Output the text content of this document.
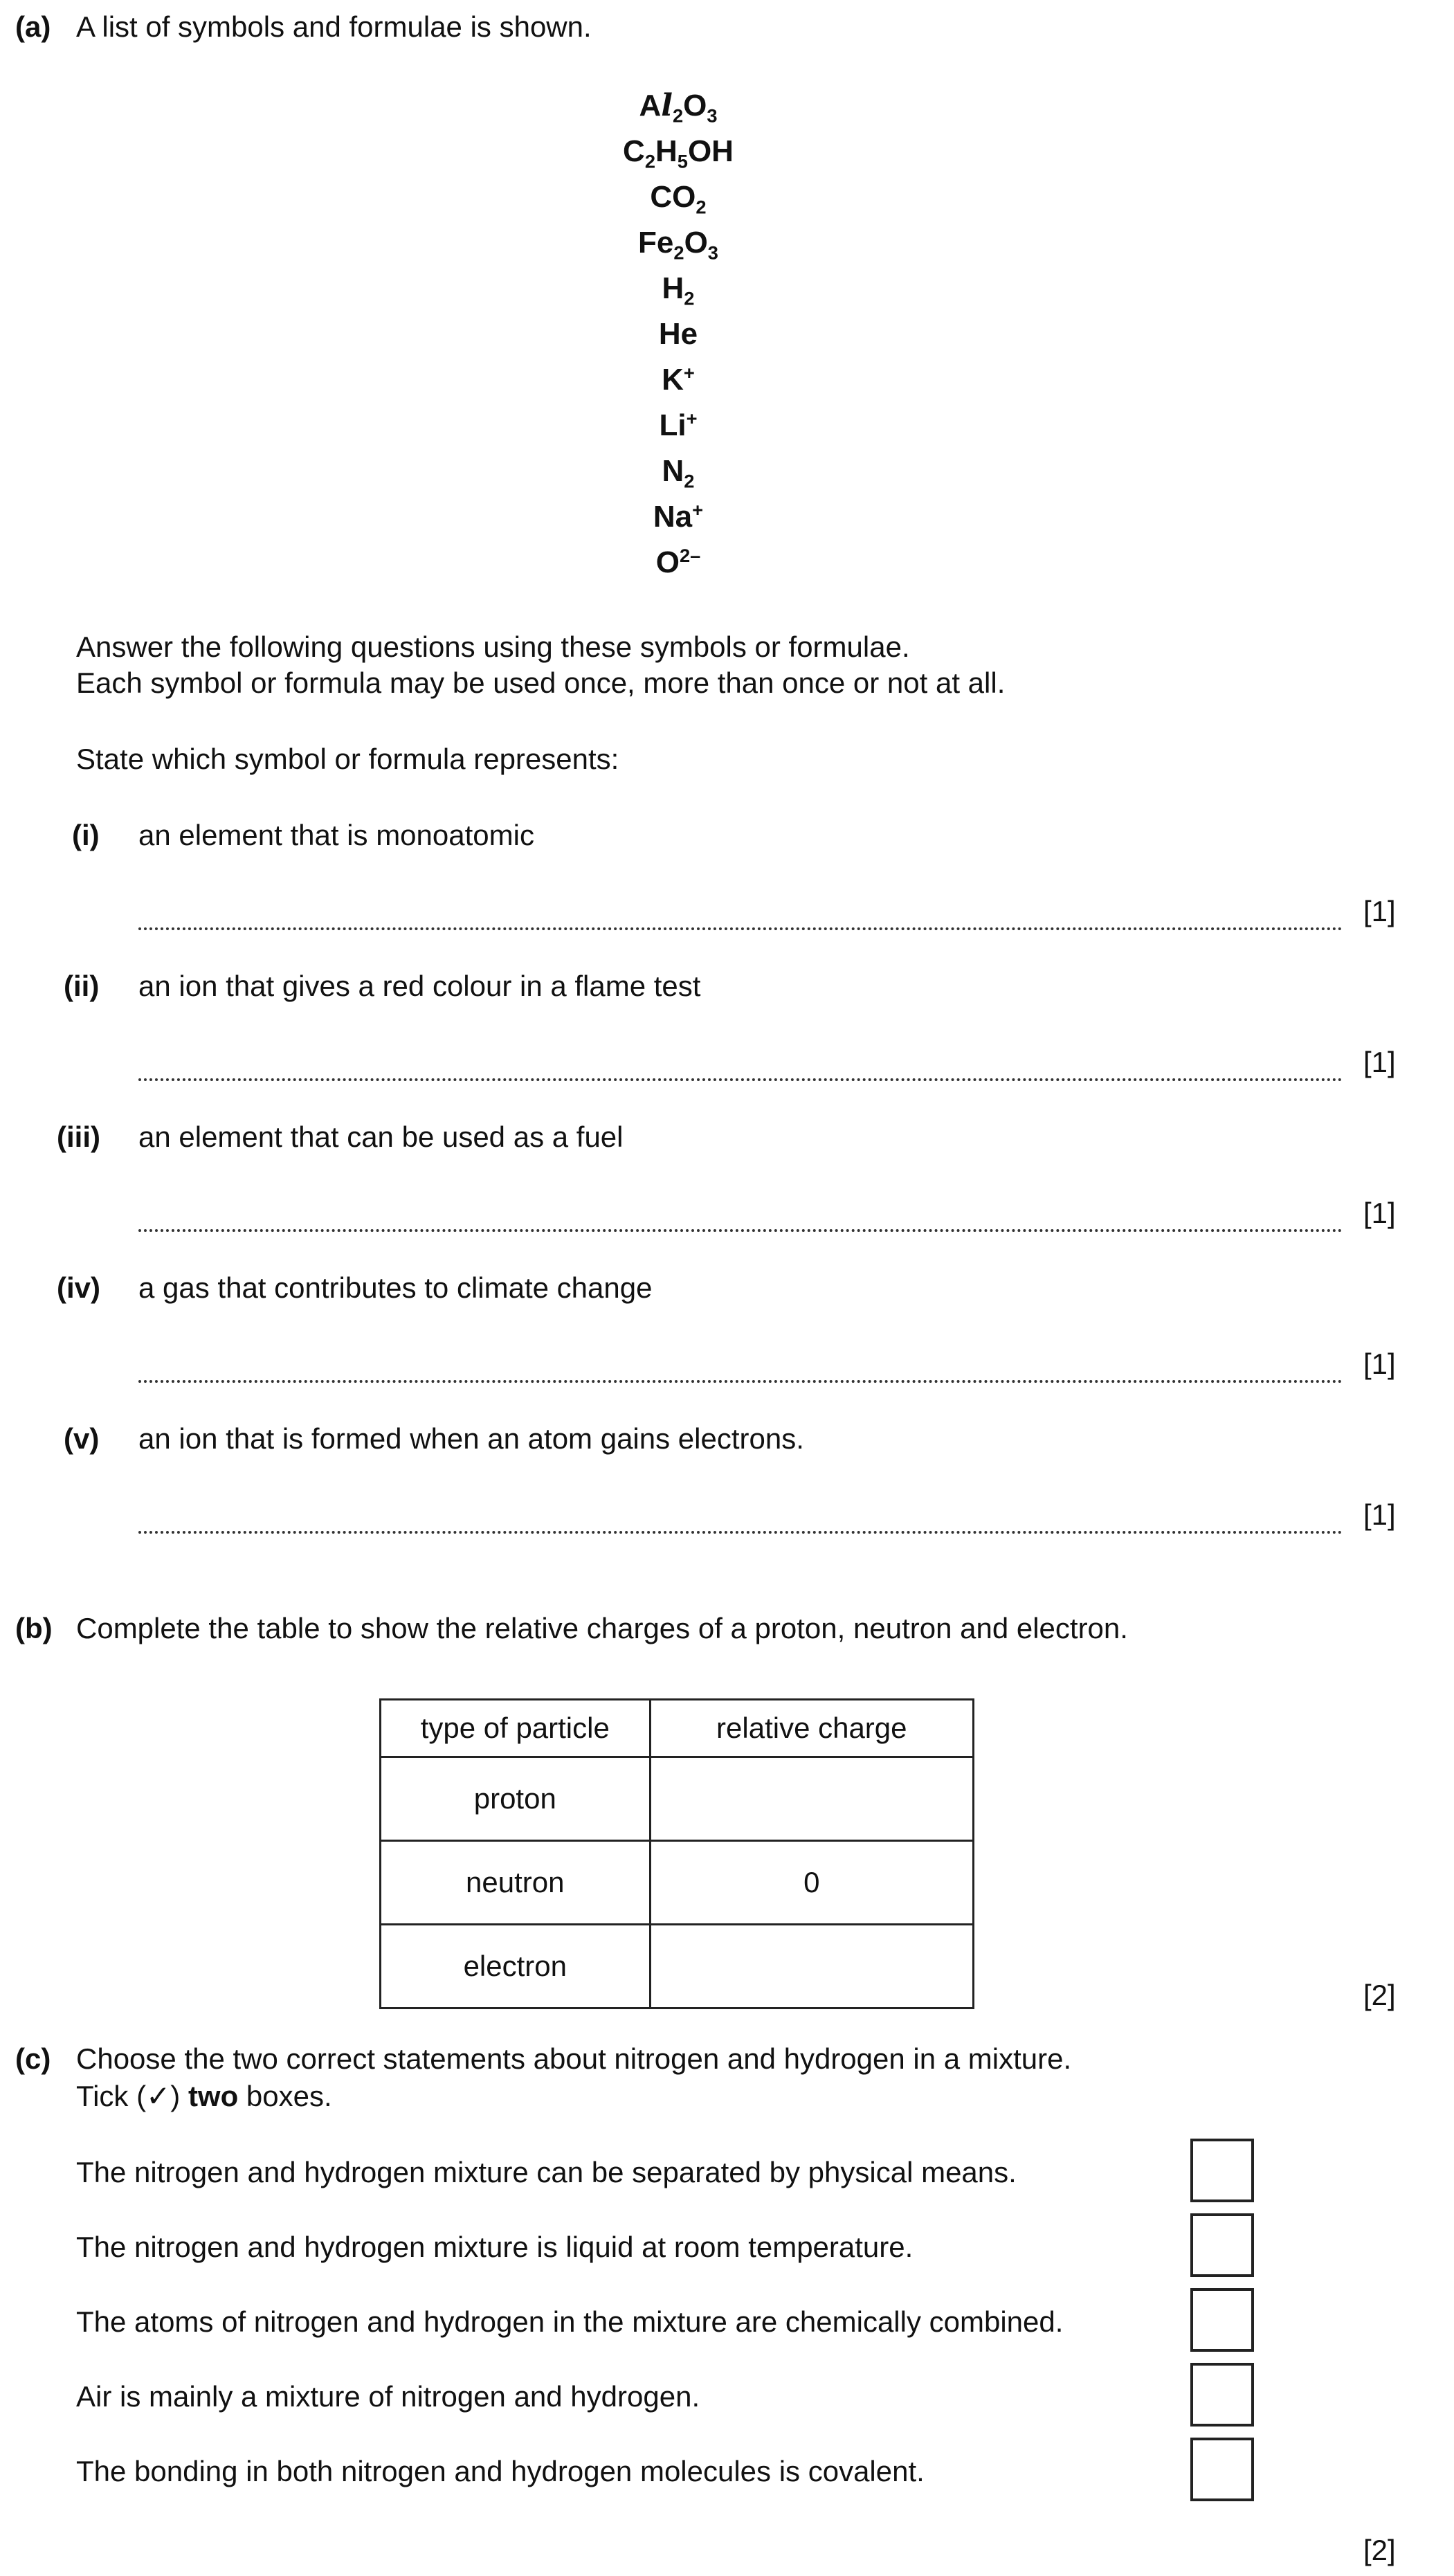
(a) A list of symbols and formulae is shown.
$Al_2O_3$
$C_2H_5OH$
$CO_2$
$Fe_2O_3$
$H_2$
He
K+
Li+
$N_2$
Na+
$O^{2-}$
Answer the following questions using these symbols or formulae.
Each symbol or formula may be used once, more than once or not at all.
State which symbol or formula represents:
(i) an element that is monoatomic
[1]
(ii) an ion that gives a red colour in a flame test
[1]
(iii) an element that can be used as a fuel
[1]
(iv) a gas that contributes to climate change
[1]
(v) an ion that is formed when an atom gains electrons.
[1]
(b) Complete the table to show the relative charges of a proton, neutron and electron.
type of particle	relative charge
proton	
neutron	0
electron	
[2]
(c) Choose the two correct statements about nitrogen and hydrogen in a mixture.
Tick (✓) two boxes.
The nitrogen and hydrogen mixture can be separated by physical means.
The nitrogen and hydrogen mixture is liquid at room temperature.
The atoms of nitrogen and hydrogen in the mixture are chemically combined.
Air is mainly a mixture of nitrogen and hydrogen.
The bonding in both nitrogen and hydrogen molecules is covalent.
[2]
